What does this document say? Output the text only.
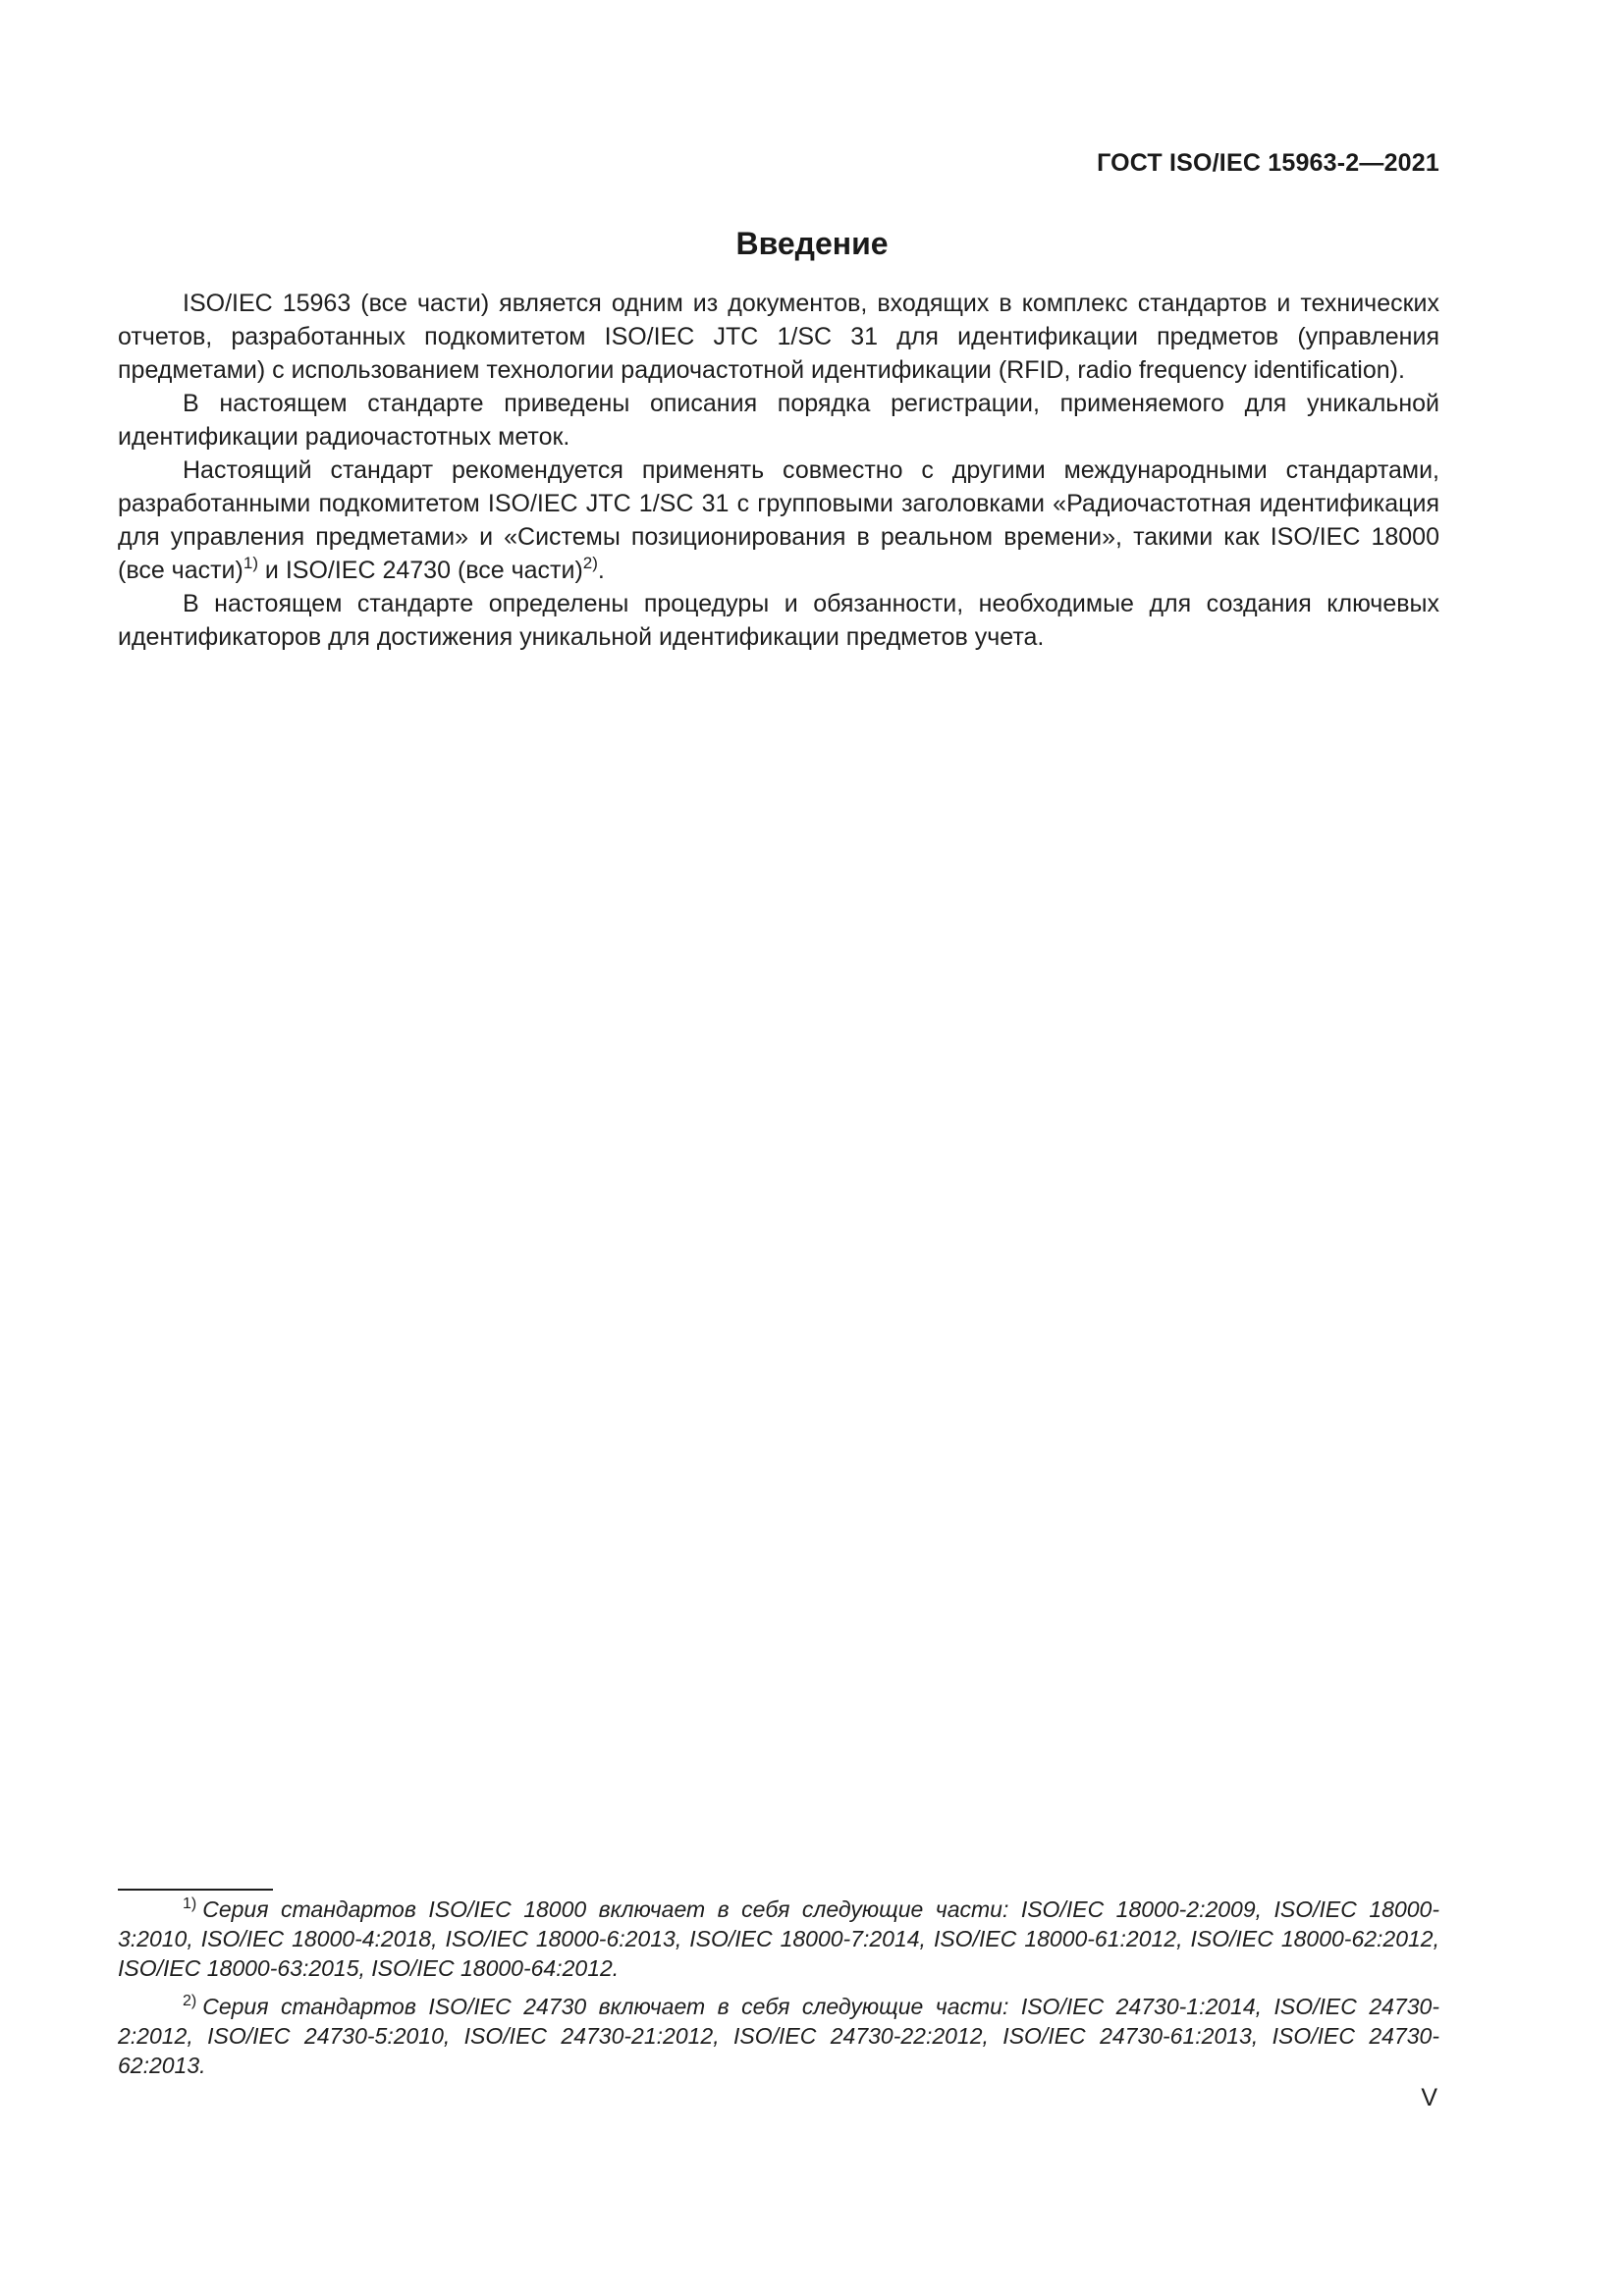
ГОСТ ISO/IEC 15963-2—2021
Введение

ISO/IEC 15963 (все части) является одним из документов, входящих в комплекс стандартов и технических отчетов, разработанных подкомитетом ISO/IEC JTC 1/SC 31 для идентификации предметов (управления предметами) с использованием технологии радиочастотной идентификации (RFID, radio frequency identification).

В настоящем стандарте приведены описания порядка регистрации, применяемого для уникальной идентификации радиочастотных меток.

Настоящий стандарт рекомендуется применять совместно с другими международными стандартами, разработанными подкомитетом ISO/IEC JTC 1/SC 31 с групповыми заголовками «Радиочастотная идентификация для управления предметами» и «Системы позиционирования в реальном времени», такими как ISO/IEC 18000 (все части)$^{1)}$ и ISO/IEC 24730 (все части)$^{2)}$.

В настоящем стандарте определены процедуры и обязанности, необходимые для создания ключевых идентификаторов для достижения уникальной идентификации предметов учета.

$^{1)}$ Серия стандартов ISO/IEC 18000 включает в себя следующие части: ISO/IEC 18000-2:2009, ISO/IEC 18000-3:2010, ISO/IEC 18000-4:2018, ISO/IEC 18000-6:2013, ISO/IEC 18000-7:2014, ISO/IEC 18000-61:2012, ISO/IEC 18000-62:2012, ISO/IEC 18000-63:2015, ISO/IEC 18000-64:2012.

$^{2)}$ Серия стандартов ISO/IEC 24730 включает в себя следующие части: ISO/IEC 24730-1:2014, ISO/IEC 24730-2:2012, ISO/IEC 24730-5:2010, ISO/IEC 24730-21:2012, ISO/IEC 24730-22:2012, ISO/IEC 24730-61:2013, ISO/IEC 24730-62:2013.

V
